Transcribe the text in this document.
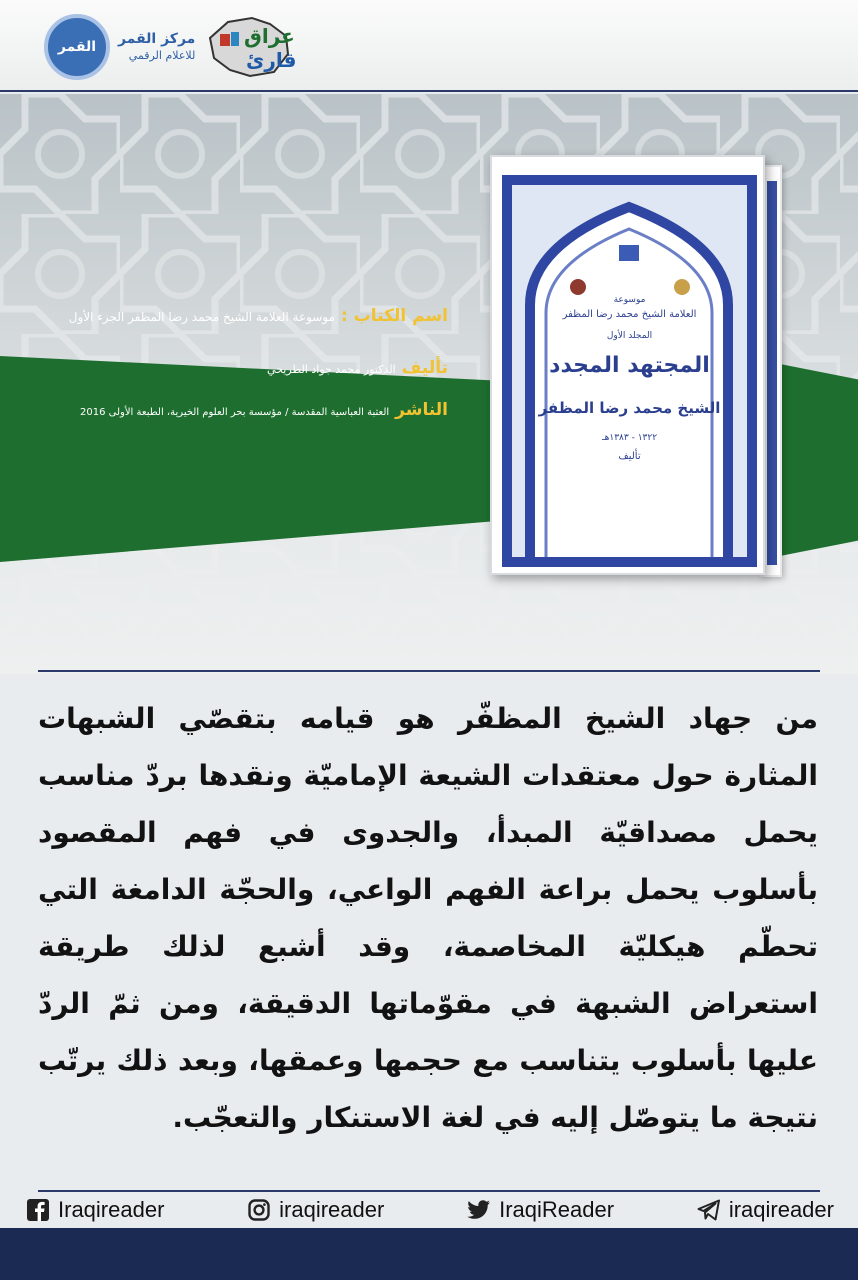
القمر مركز القمر
للاعلام الرقمي
عراق
قارئ
اسم الكتاب :
موسوعة العلامة الشيخ محمد رضا المظفر الجزء الأول
تأليف
الدكتور محمد جواد الطريحي
الناشر
العتبة العباسية المقدسة / مؤسسة بحر العلوم الخيرية، الطبعة الأولى 2016
موسوعة
العلامة الشيخ محمد رضا المظفر
المجلد الأول
المجتهد المجدد
الشيخ محمد رضا المظفر
١٣٢٢ - ١٣٨٣هـ
تأليف
من جهاد الشيخ المظفّر هو قيامه بتقصّي الشبهات المثارة حول معتقدات الشيعة الإماميّة ونقدها بردّ مناسب يحمل مصداقيّة المبدأ، والجدوى في فهم المقصود بأسلوب يحمل براعة الفهم الواعي، والحجّة الدامغة التي تحطّم هيكليّة المخاصمة، وقد أشبع لذلك طريقة استعراض الشبهة في مقوّماتها الدقيقة، ومن ثمّ الردّ عليها بأسلوب يتناسب مع حجمها وعمقها، وبعد ذلك يرتّب نتيجة ما يتوصّل إليه في لغة الاستنكار والتعجّب.
Iraqireader	iraqireader	IraqiReader	iraqireader
